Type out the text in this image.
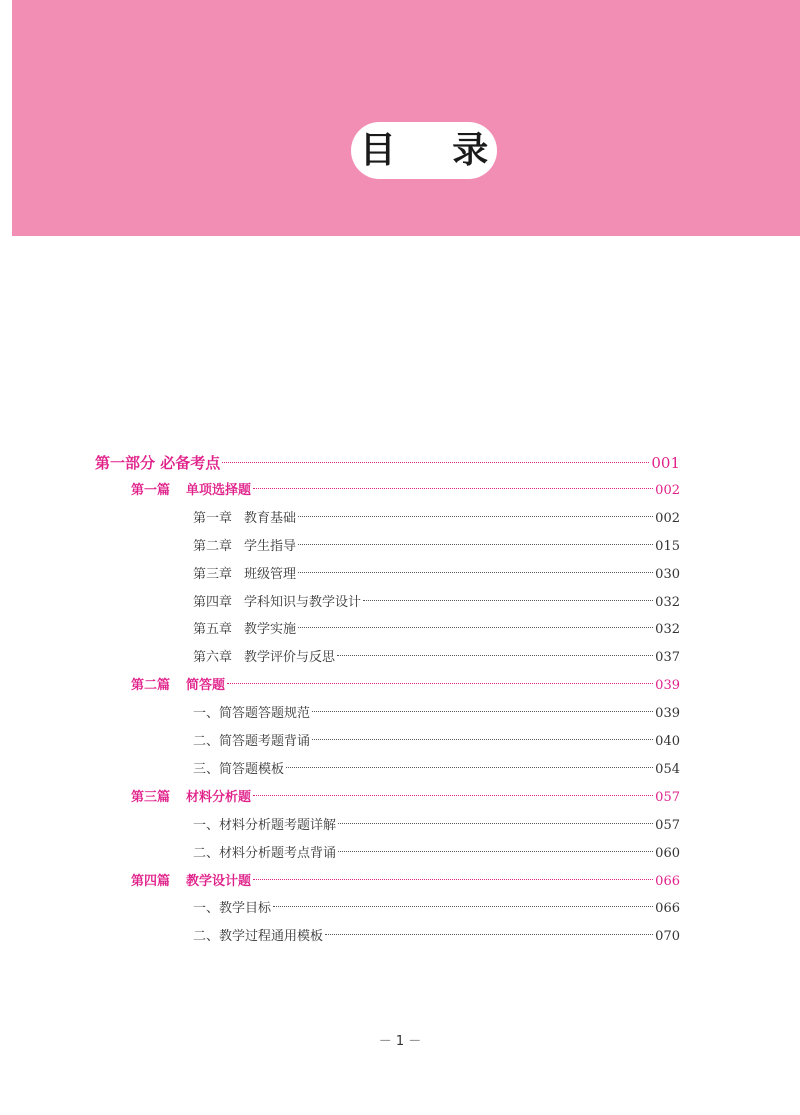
目 录
第一部分 必备考点	001
第一篇 单项选择题	002
第一章 教育基础	002
第二章 学生指导	015
第三章 班级管理	030
第四章 学科知识与教学设计	032
第五章 教学实施	032
第六章 教学评价与反思	037
第二篇 简答题	039
一、简答题答题规范	039
二、简答题考题背诵	040
三、简答题模板	054
第三篇 材料分析题	057
一、材料分析题考题详解	057
二、材料分析题考点背诵	060
第四篇 教学设计题	066
一、教学目标	066
二、教学过程通用模板	070
－ 1 －
